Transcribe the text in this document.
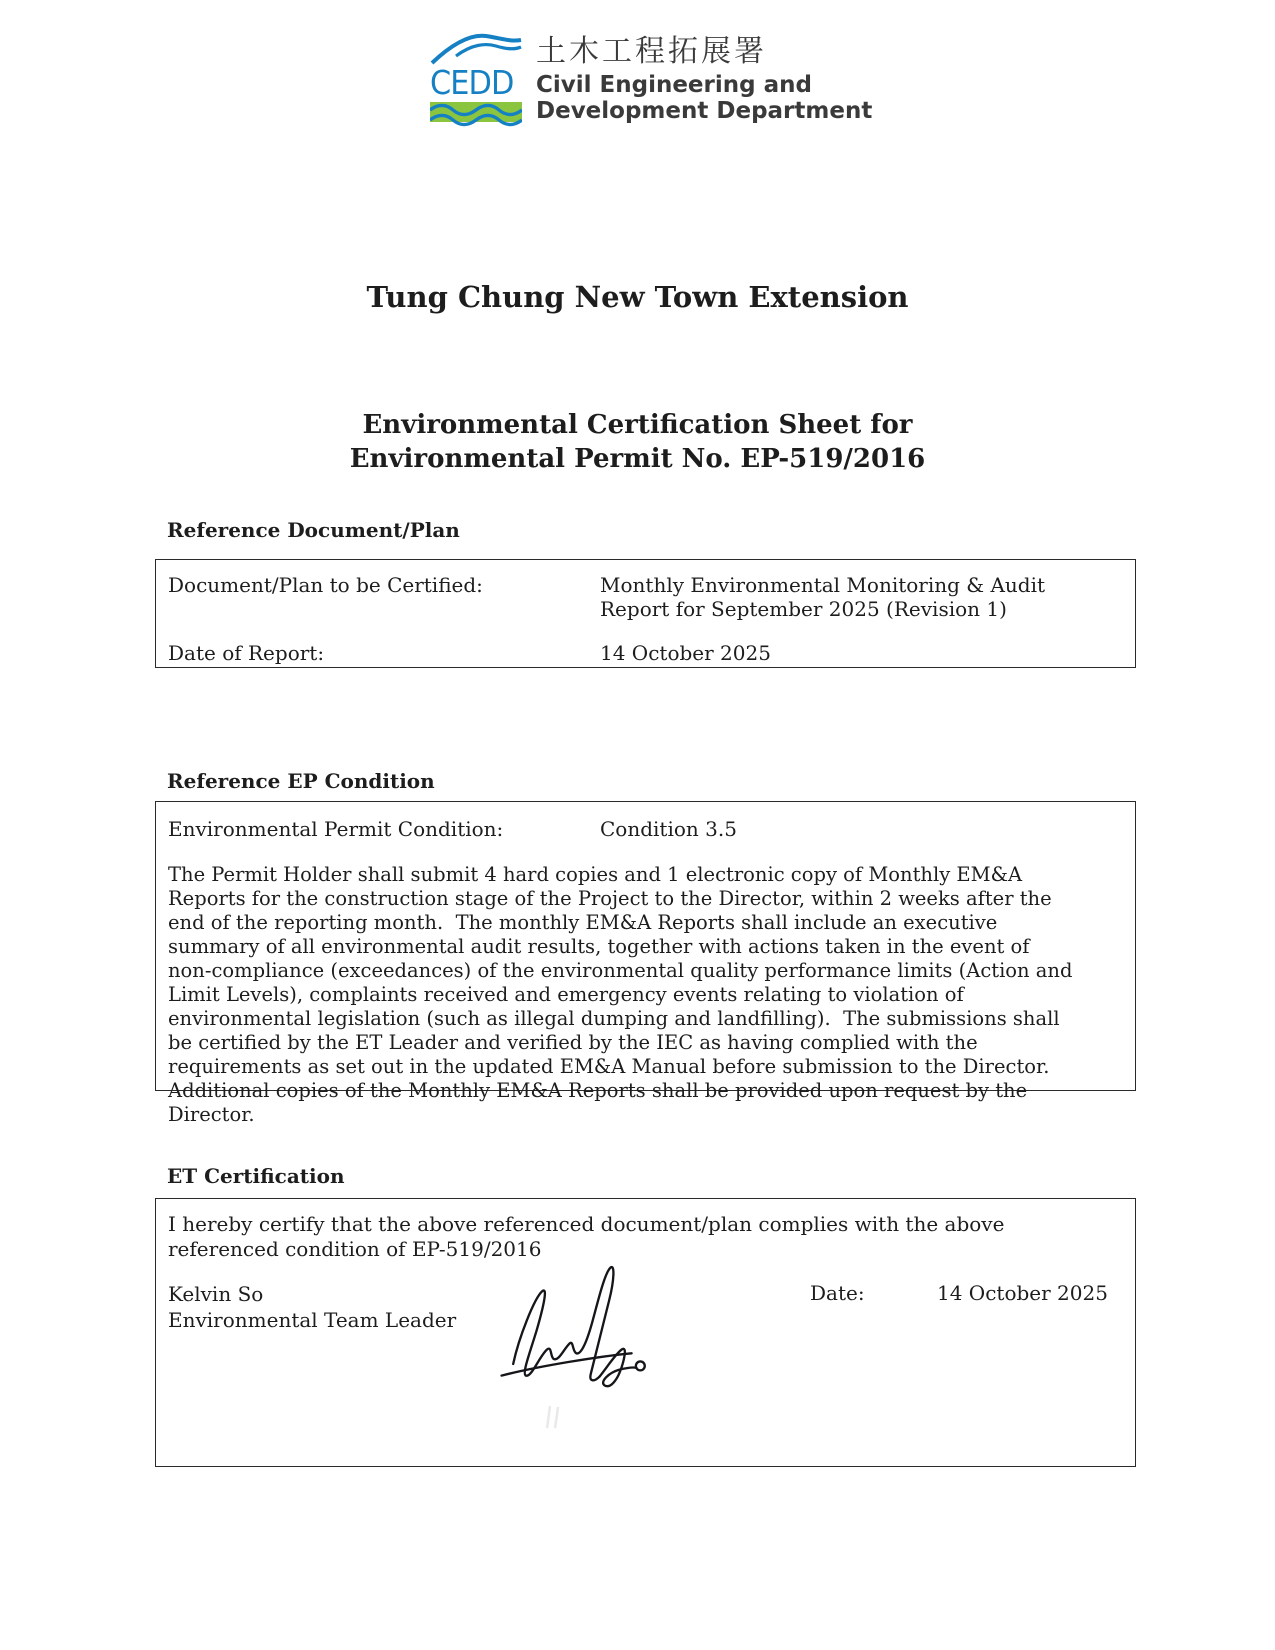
CEDD
土木工程拓展署
Civil Engineering and
Development Department
Tung Chung New Town Extension
Environmental Certification Sheet for
Environmental Permit No. EP-519/2016
Reference Document/Plan
Document/Plan to be Certified:	Monthly Environmental Monitoring & Audit Report for September 2025 (Revision 1)
Date of Report:	14 October 2025
Reference EP Condition
Environmental Permit Condition:	Condition 3.5
The Permit Holder shall submit 4 hard copies and 1 electronic copy of Monthly EM&A Reports for the construction stage of the Project to the Director, within 2 weeks after the end of the reporting month.  The monthly EM&A Reports shall include an executive summary of all environmental audit results, together with actions taken in the event of non-compliance (exceedances) of the environmental quality performance limits (Action and Limit Levels), complaints received and emergency events relating to violation of environmental legislation (such as illegal dumping and landfilling).  The submissions shall be certified by the ET Leader and verified by the IEC as having complied with the requirements as set out in the updated EM&A Manual before submission to the Director.  Additional copies of the Monthly EM&A Reports shall be provided upon request by the Director.
ET Certification
I hereby certify that the above referenced document/plan complies with the above referenced condition of EP-519/2016
Kelvin So
Environmental Team Leader
Date:	14 October 2025
